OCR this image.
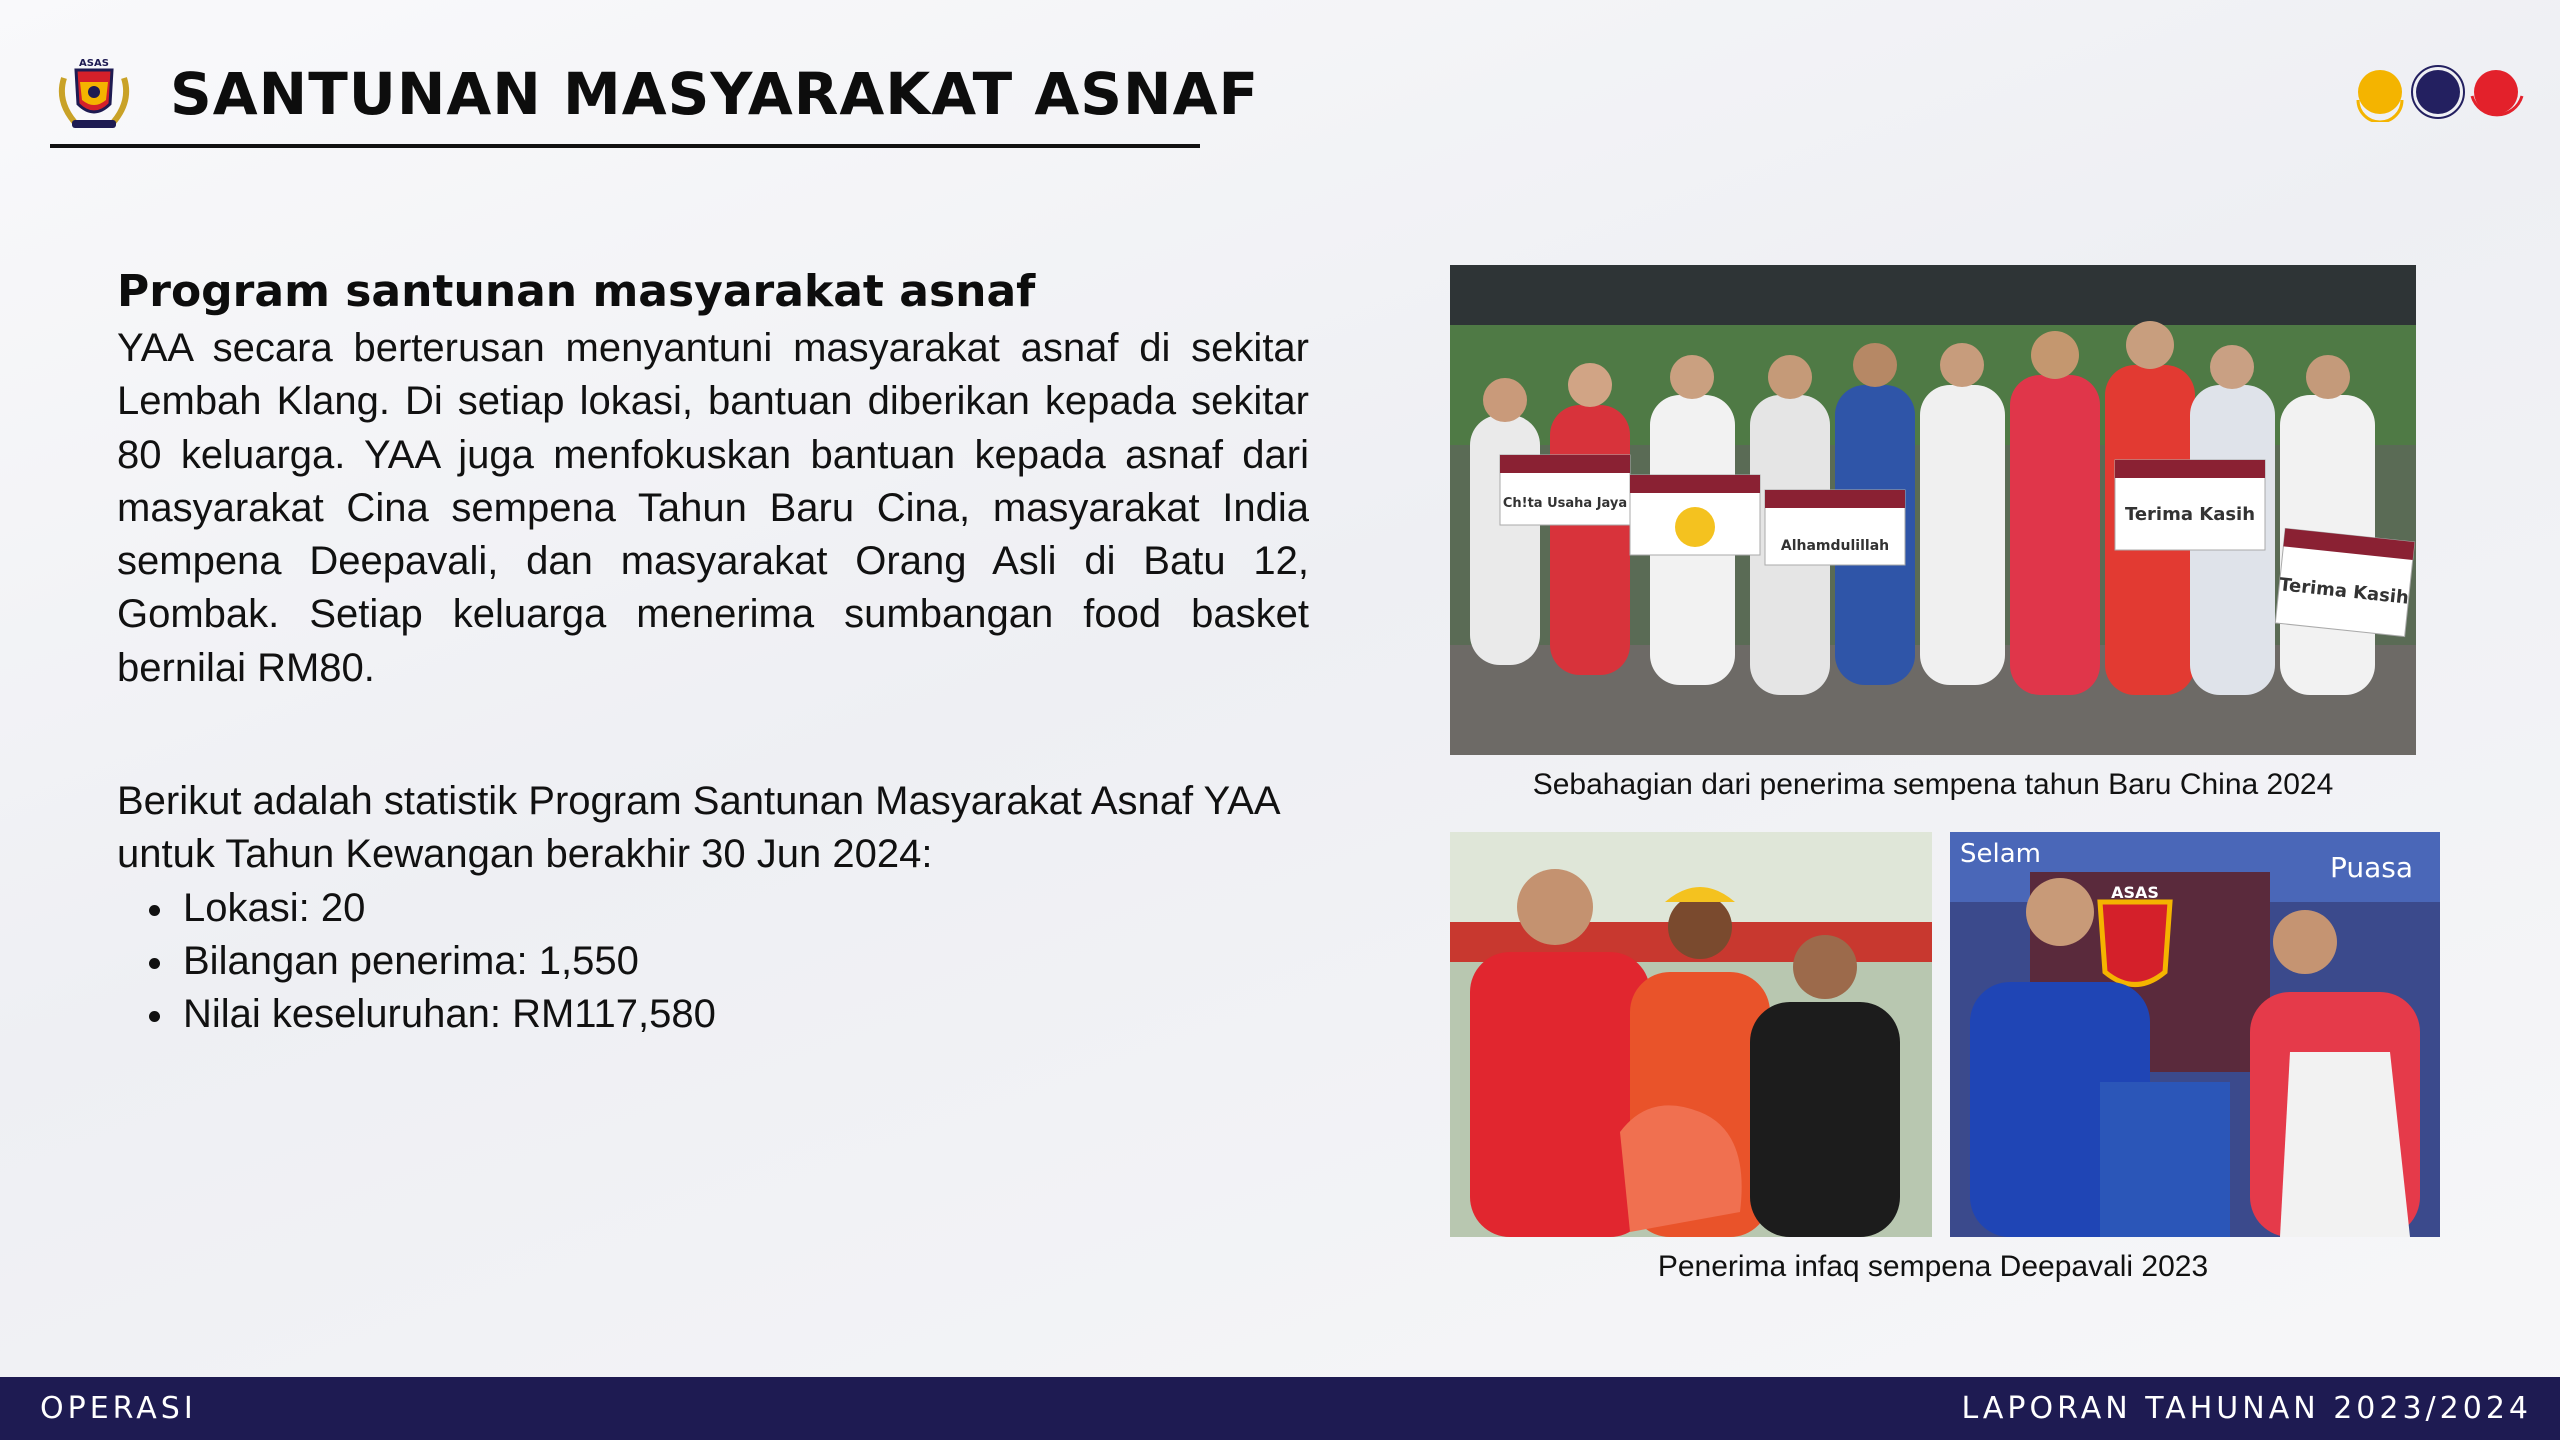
ASAS SANTUNAN MASYARAKAT ASNAF
Program santunan masyarakat asnaf

YAA secara berterusan menyantuni masyarakat asnaf di sekitar Lembah Klang. Di setiap lokasi, bantuan diberikan kepada sekitar 80 keluarga. YAA juga menfokuskan bantuan kepada asnaf dari masyarakat Cina sempena Tahun Baru Cina, masyarakat India sempena Deepavali, dan masyarakat Orang Asli di Batu 12, Gombak. Setiap keluarga menerima sumbangan food basket bernilai RM80.

Berikut adalah statistik Program Santunan Masyarakat Asnaf YAA untuk Tahun Kewangan berakhir 30 Jun 2024:

Lokasi: 20
Bilangan penerima: 1,550
Nilai keseluruhan: RM117,580
Ch!ta Usaha Jaya
Alhamdulillah
Terima Kasih
Terima Kasih
Sebahagian dari penerima sempena tahun Baru China 2024
Selam	Puasa
ASAS
Penerima infaq sempena Deepavali 2023
OPERASI	LAPORAN TAHUNAN 2023/2024
